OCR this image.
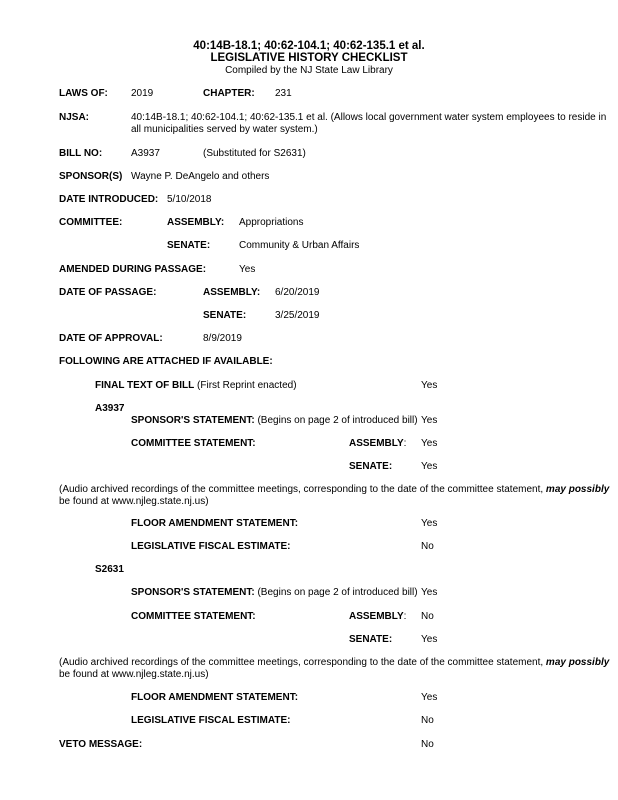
40:14B-18.1; 40:62-104.1; 40:62-135.1 et al.
LEGISLATIVE HISTORY CHECKLIST
Compiled by the NJ State Law Library
LAWS OF: 2019	CHAPTER: 231
NJSA:	40:14B-18.1; 40:62-104.1; 40:62-135.1 et al. (Allows local government water system employees to reside in
all municipalities served by water system.)
BILL NO:	A3937	(Substituted for S2631)
SPONSOR(S) Wayne P. DeAngelo and others
DATE INTRODUCED: 5/10/2018
COMMITTEE:	ASSEMBLY: Appropriations
SENATE:	Community & Urban Affairs
AMENDED DURING PASSAGE:	Yes
DATE OF PASSAGE:	ASSEMBLY: 6/20/2019
SENATE:	3/25/2019
DATE OF APPROVAL:	8/9/2019
FOLLOWING ARE ATTACHED IF AVAILABLE:
FINAL TEXT OF BILL (First Reprint enacted)	Yes
A3937
SPONSOR'S STATEMENT: (Begins on page 2 of introduced bill) Yes
COMMITTEE STATEMENT:	ASSEMBLY: Yes
SENATE:	Yes
(Audio archived recordings of the committee meetings, corresponding to the date of the committee statement, may possibly
be found at www.njleg.state.nj.us)
FLOOR AMENDMENT STATEMENT:	Yes
LEGISLATIVE FISCAL ESTIMATE:	No
S2631
SPONSOR'S STATEMENT: (Begins on page 2 of introduced bill) Yes
COMMITTEE STATEMENT:	ASSEMBLY: No
SENATE:	Yes
(Audio archived recordings of the committee meetings, corresponding to the date of the committee statement, may possibly
be found at www.njleg.state.nj.us)
FLOOR AMENDMENT STATEMENT:	Yes
LEGISLATIVE FISCAL ESTIMATE:	No
VETO MESSAGE:	No
